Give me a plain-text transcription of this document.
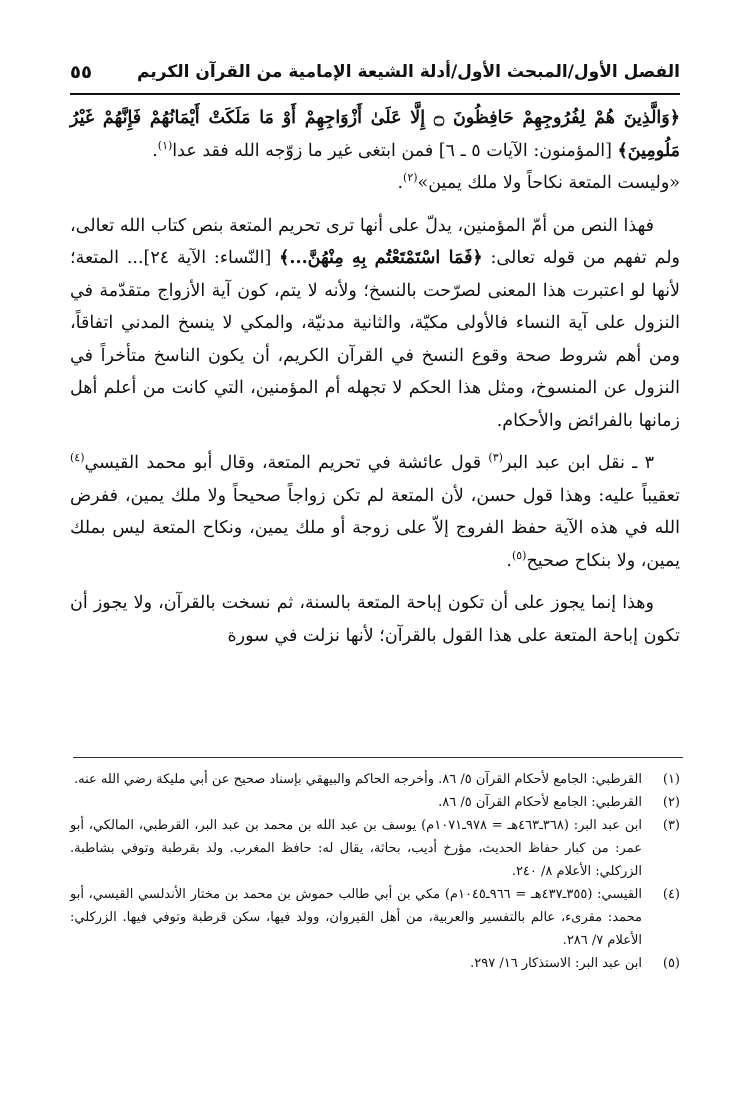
الفصل الأول/المبحث الأول/أدلة الشيعة الإمامية من القرآن الكريم
٥٥

﴿وَالَّذِينَ هُمْ لِفُرُوجِهِمْ حَافِظُونَ ۝ إِلَّا عَلَىٰ أَزْوَاجِهِمْ أَوْ مَا مَلَكَتْ أَيْمَانُهُمْ فَإِنَّهُمْ غَيْرُ مَلُومِينَ﴾ [المؤمنون: الآيات ٥ ـ ٦] فمن ابتغى غير ما زوّجه الله فقد عدا$^{(١)}$.

«وليست المتعة نكاحاً ولا ملك يمين»$^{(٢)}$.

فهذا النص من أمّ المؤمنين، يدلّ على أنها ترى تحريم المتعة بنص كتاب الله تعالى، ولم تفهم من قوله تعالى: ﴿فَمَا اسْتَمْتَعْتُم بِهِ مِنْهُنَّ...﴾ [النّساء: الآية ٢٤]... المتعة؛ لأنها لو اعتبرت هذا المعنى لصرّحت بالنسخ؛ ولأنه لا يتم، كون آية الأزواج متقدّمة في النزول على آية النساء فالأولى مكيّة، والثانية مدنيّة، والمكي لا ينسخ المدني اتفاقاً، ومن أهم شروط صحة وقوع النسخ في القرآن الكريم، أن يكون الناسخ متأخراً في النزول عن المنسوخ، ومثل هذا الحكم لا تجهله أم المؤمنين، التي كانت من أعلم أهل زمانها بالفرائض والأحكام.

٣ ـ نقل ابن عبد البر$^{(٣)}$ قول عائشة في تحريم المتعة، وقال أبو محمد القيسي$^{(٤)}$ تعقيباً عليه: وهذا قول حسن، لأن المتعة لم تكن زواجاً صحيحاً ولا ملك يمين، ففرض الله في هذه الآية حفظ الفروج إلاّ على زوجة أو ملك يمين، ونكاح المتعة ليس بملك يمين، ولا بنكاح صحيح$^{(٥)}$.

وهذا إنما يجوز على أن تكون إباحة المتعة بالسنة، ثم نسخت بالقرآن، ولا يجوز أن تكون إباحة المتعة على هذا القول بالقرآن؛ لأنها نزلت في سورة

(١)
القرطبي: الجامع لأحكام القرآن ٥/ ٨٦. وأخرجه الحاكم والبيهقي بإسناد صحيح عن أبي مليكة رضي الله عنه.
(٢)
القرطبي: الجامع لأحكام القرآن ٥/ ٨٦.
(٣)
ابن عبد البر: (٣٦٨ـ٤٦٣هـ = ٩٧٨ـ١٠٧١م) يوسف بن عبد الله بن محمد بن عبد البر، القرطبي، المالكي، أبو عمر: من كبار حفاظ الحديث، مؤرخ أديب، بحاثة، يقال له: حافظ المغرب. ولد بقرطبة وتوفي بشاطبة. الزركلي: الأعلام ٨/ ٢٤٠.
(٤)
القيسي: (٣٥٥ـ٤٣٧هـ = ٩٦٦ـ١٠٤٥م) مكي بن أبي طالب حموش بن محمد بن مختار الأندلسي القيسي، أبو محمد: مقرىء، عالم بالتفسير والعربية، من أهل القيروان، وولد فيها، سكن قرطبة وتوفي فيها. الزركلي: الأعلام ٧/ ٢٨٦.
(٥)
ابن عبد البر: الاستذكار ١٦/ ٢٩٧.
